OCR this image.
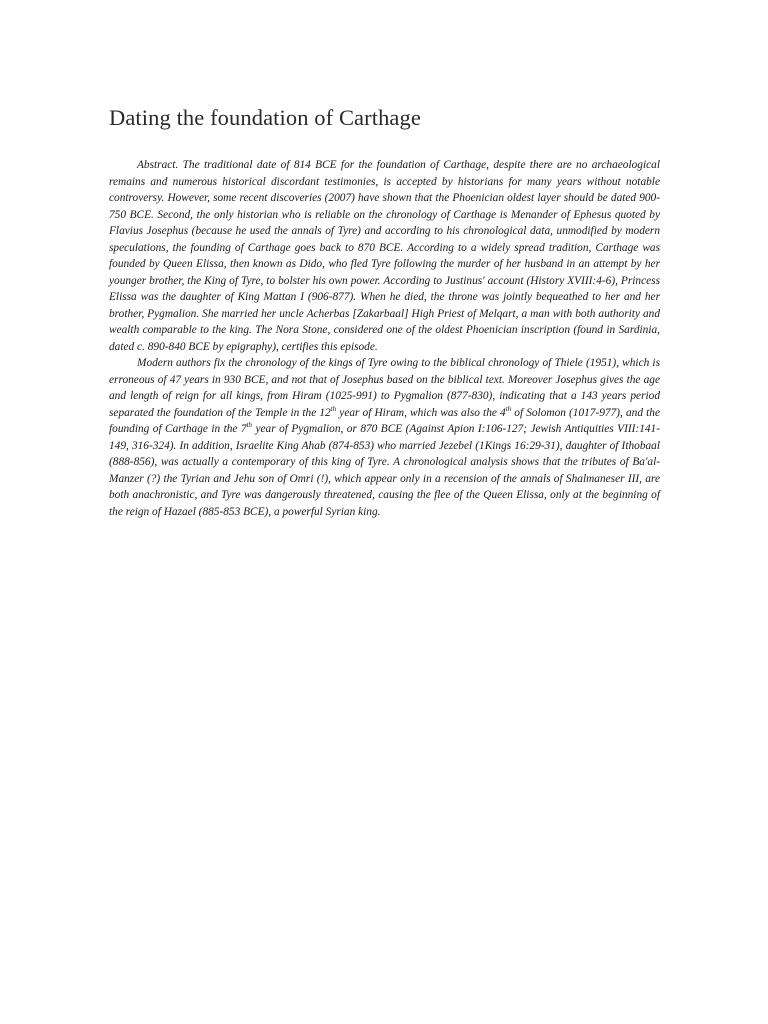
Dating the foundation of Carthage

Abstract. The traditional date of 814 BCE for the foundation of Carthage, despite there are no archaeological remains and numerous historical discordant testimonies, is accepted by historians for many years without notable controversy. However, some recent discoveries (2007) have shown that the Phoenician oldest layer should be dated 900-750 BCE. Second, the only historian who is reliable on the chronology of Carthage is Menander of Ephesus quoted by Flavius Josephus (because he used the annals of Tyre) and according to his chronological data, unmodified by modern speculations, the founding of Carthage goes back to 870 BCE. According to a widely spread tradition, Carthage was founded by Queen Elissa, then known as Dido, who fled Tyre following the murder of her husband in an attempt by her younger brother, the King of Tyre, to bolster his own power. According to Justinus' account (History XVIII:4-6), Princess Elissa was the daughter of King Mattan I (906-877). When he died, the throne was jointly bequeathed to her and her brother, Pygmalion. She married her uncle Acherbas [Zakarbaal] High Priest of Melqart, a man with both authority and wealth comparable to the king. The Nora Stone, considered one of the oldest Phoenician inscription (found in Sardinia, dated c. 890-840 BCE by epigraphy), certifies this episode.

Modern authors fix the chronology of the kings of Tyre owing to the biblical chronology of Thiele (1951), which is erroneous of 47 years in 930 BCE, and not that of Josephus based on the biblical text. Moreover Josephus gives the age and length of reign for all kings, from Hiram (1025-991) to Pygmalion (877-830), indicating that a 143 years period separated the foundation of the Temple in the 12th year of Hiram, which was also the 4th of Solomon (1017-977), and the founding of Carthage in the 7th year of Pygmalion, or 870 BCE (Against Apion I:106-127; Jewish Antiquities VIII:141-149, 316-324). In addition, Israelite King Ahab (874-853) who married Jezebel (1Kings 16:29-31), daughter of Ithobaal (888-856), was actually a contemporary of this king of Tyre. A chronological analysis shows that the tributes of Ba'al-Manzer (?) the Tyrian and Jehu son of Omri (!), which appear only in a recension of the annals of Shalmaneser III, are both anachronistic, and Tyre was dangerously threatened, causing the flee of the Queen Elissa, only at the beginning of the reign of Hazael (885-853 BCE), a powerful Syrian king.
